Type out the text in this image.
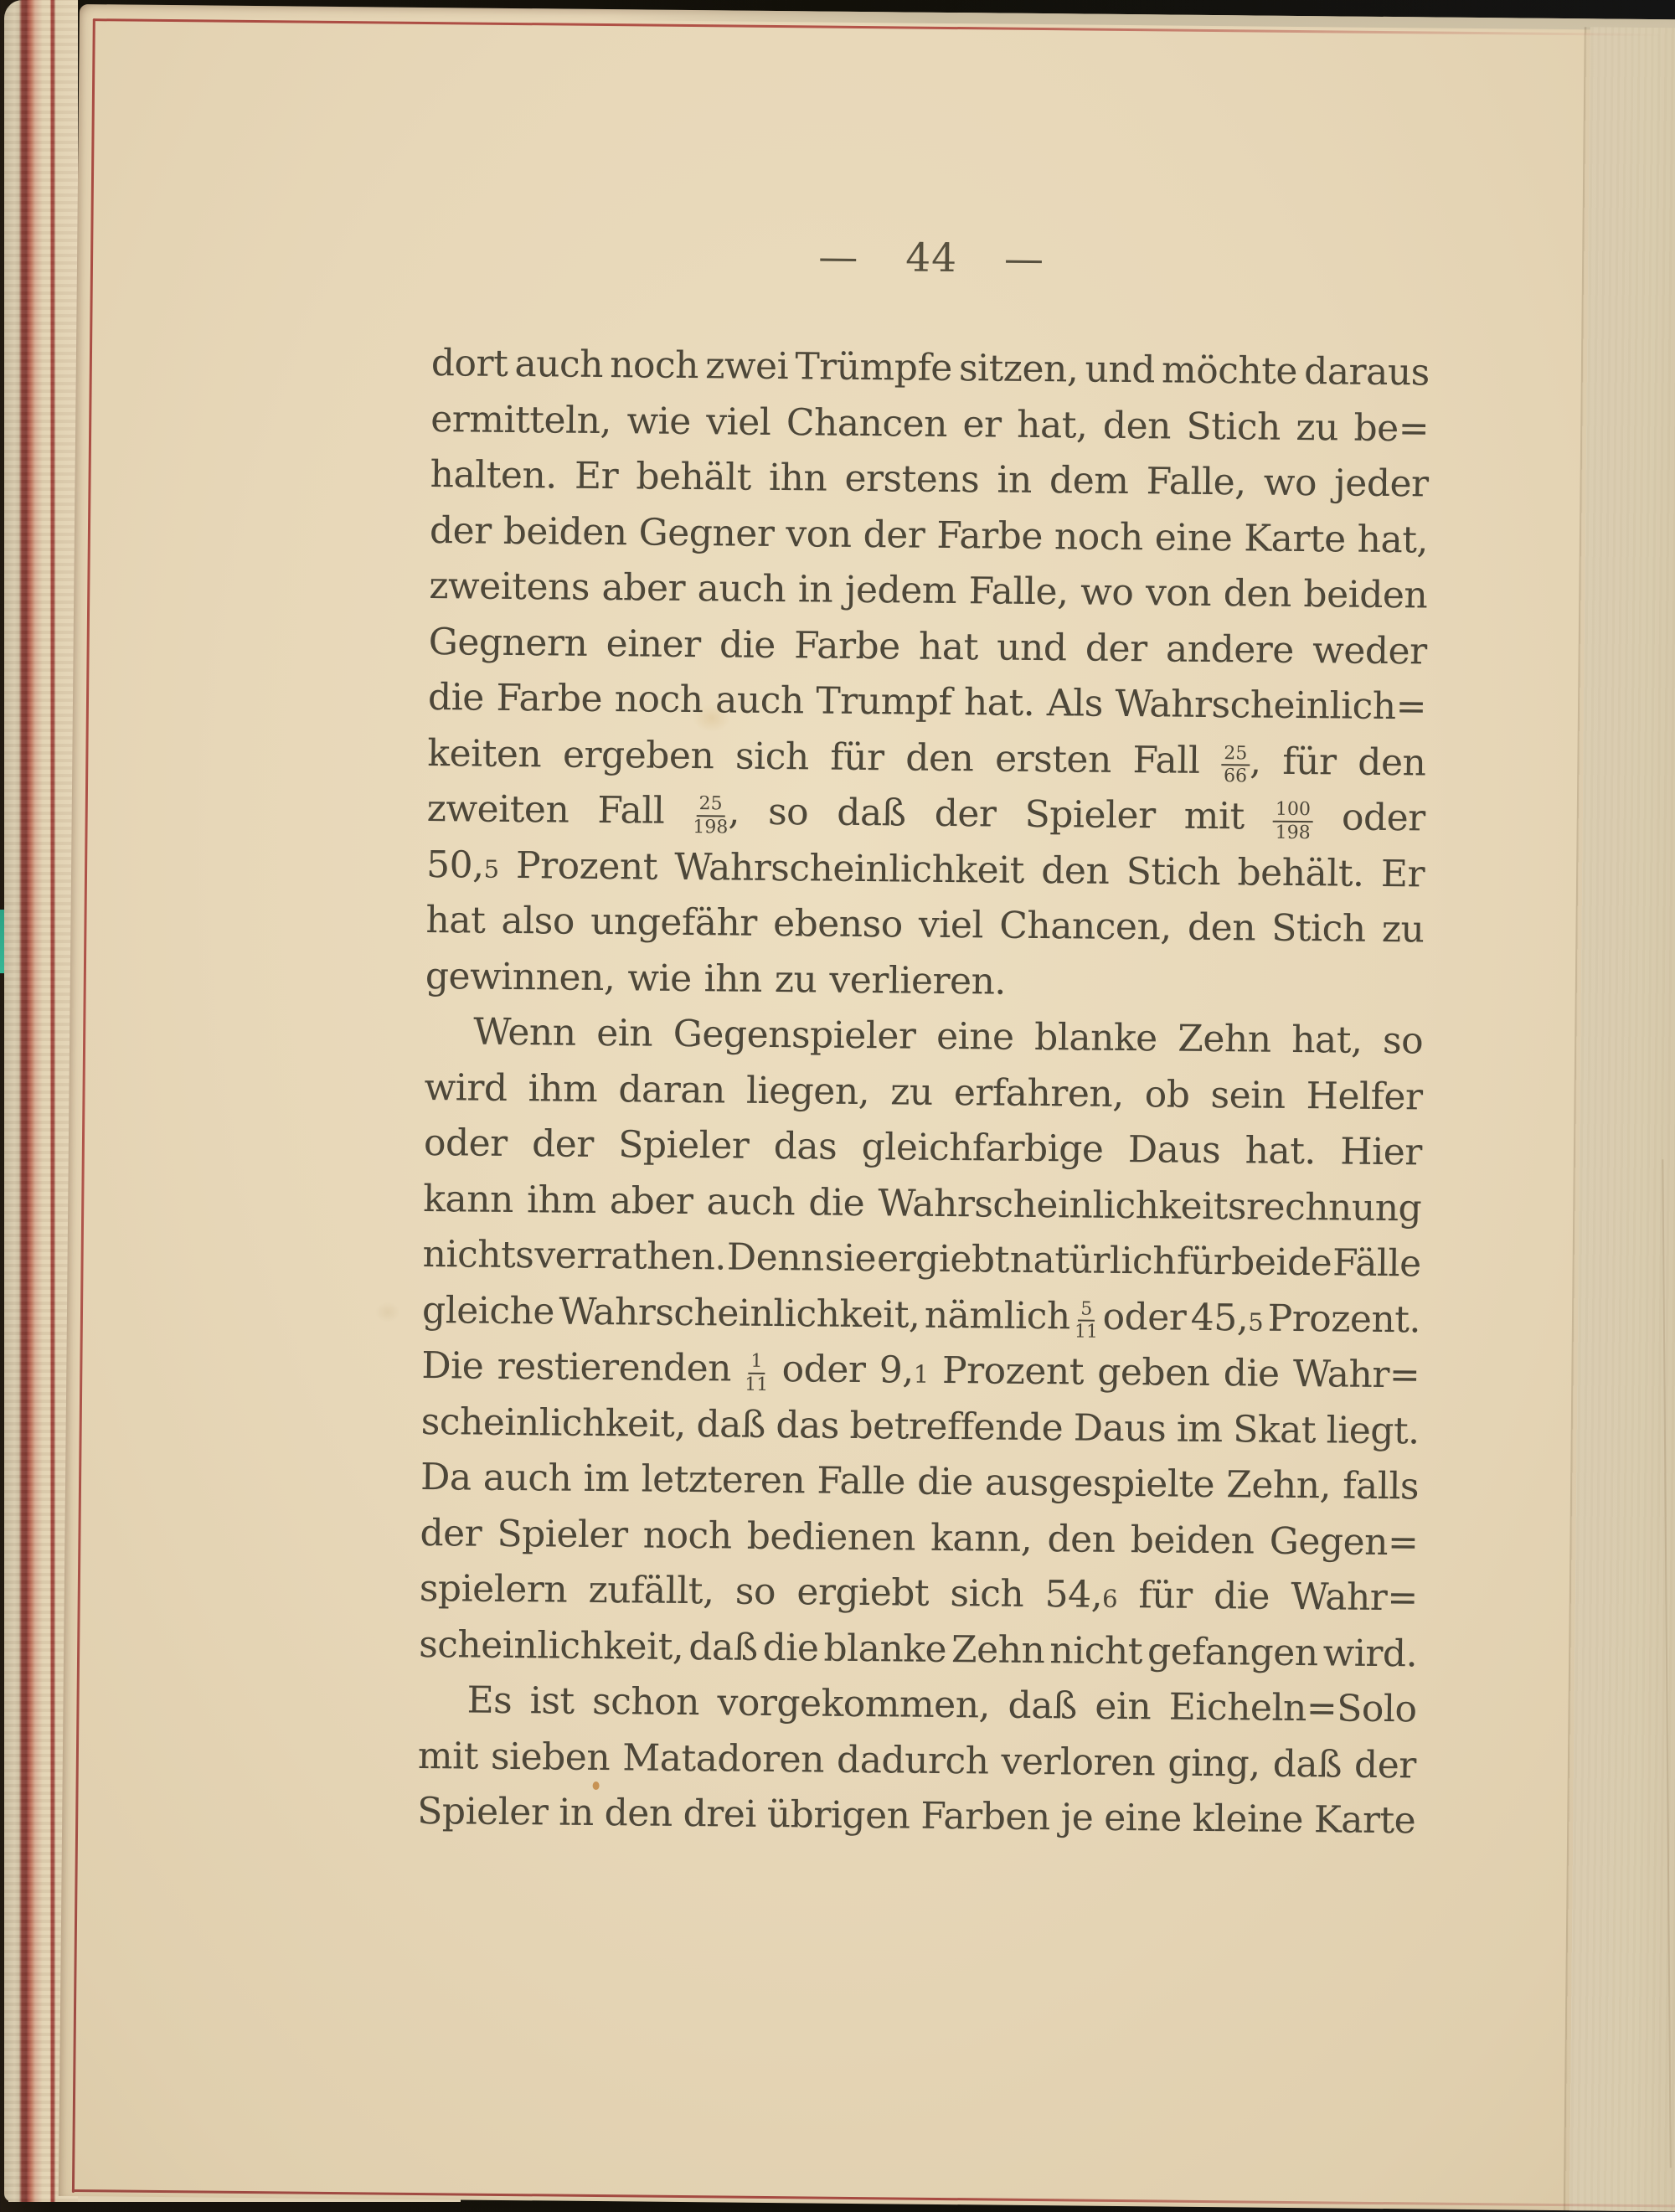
— 44 —
dort auch noch zwei Trümpfe sitzen, und möchte daraus
ermitteln, wie viel Chancen er hat, den Stich zu be=
halten. Er behält ihn erstens in dem Falle, wo jeder
der beiden Gegner von der Farbe noch eine Karte hat,
zweitens aber auch in jedem Falle, wo von den beiden
Gegnern einer die Farbe hat und der andere weder
die Farbe noch auch Trumpf hat. Als Wahrscheinlich=
keiten ergeben sich für den ersten Fall $\frac{25}{66}$ , für den
zweiten Fall $\frac{25}{198}$ , so daß der Spieler mit $\frac{100}{198}$ oder
50,5 Prozent Wahrscheinlichkeit den Stich behält. Er
hat also ungefähr ebenso viel Chancen, den Stich zu
gewinnen, wie ihn zu verlieren.
Wenn ein Gegenspieler eine blanke Zehn hat, so
wird ihm daran liegen, zu erfahren, ob sein Helfer
oder der Spieler das gleichfarbige Daus hat. Hier
kann ihm aber auch die Wahrscheinlichkeitsrechnung
nichts verrathen. Denn sie ergiebt natürlich für beide Fälle
gleiche Wahrscheinlichkeit, nämlich $\frac{5}{11}$ oder 45,5 Prozent.
Die restierenden $\frac{1}{11}$ oder 9,1 Prozent geben die Wahr=
scheinlichkeit, daß das betreffende Daus im Skat liegt.
Da auch im letzteren Falle die ausgespielte Zehn, falls
der Spieler noch bedienen kann, den beiden Gegen=
spielern zufällt, so ergiebt sich 54,6 für die Wahr=
scheinlichkeit, daß die blanke Zehn nicht gefangen wird.
Es ist schon vorgekommen, daß ein Eicheln=Solo
mit sieben Matadoren dadurch verloren ging, daß der
Spieler in den drei übrigen Farben je eine kleine Karte
